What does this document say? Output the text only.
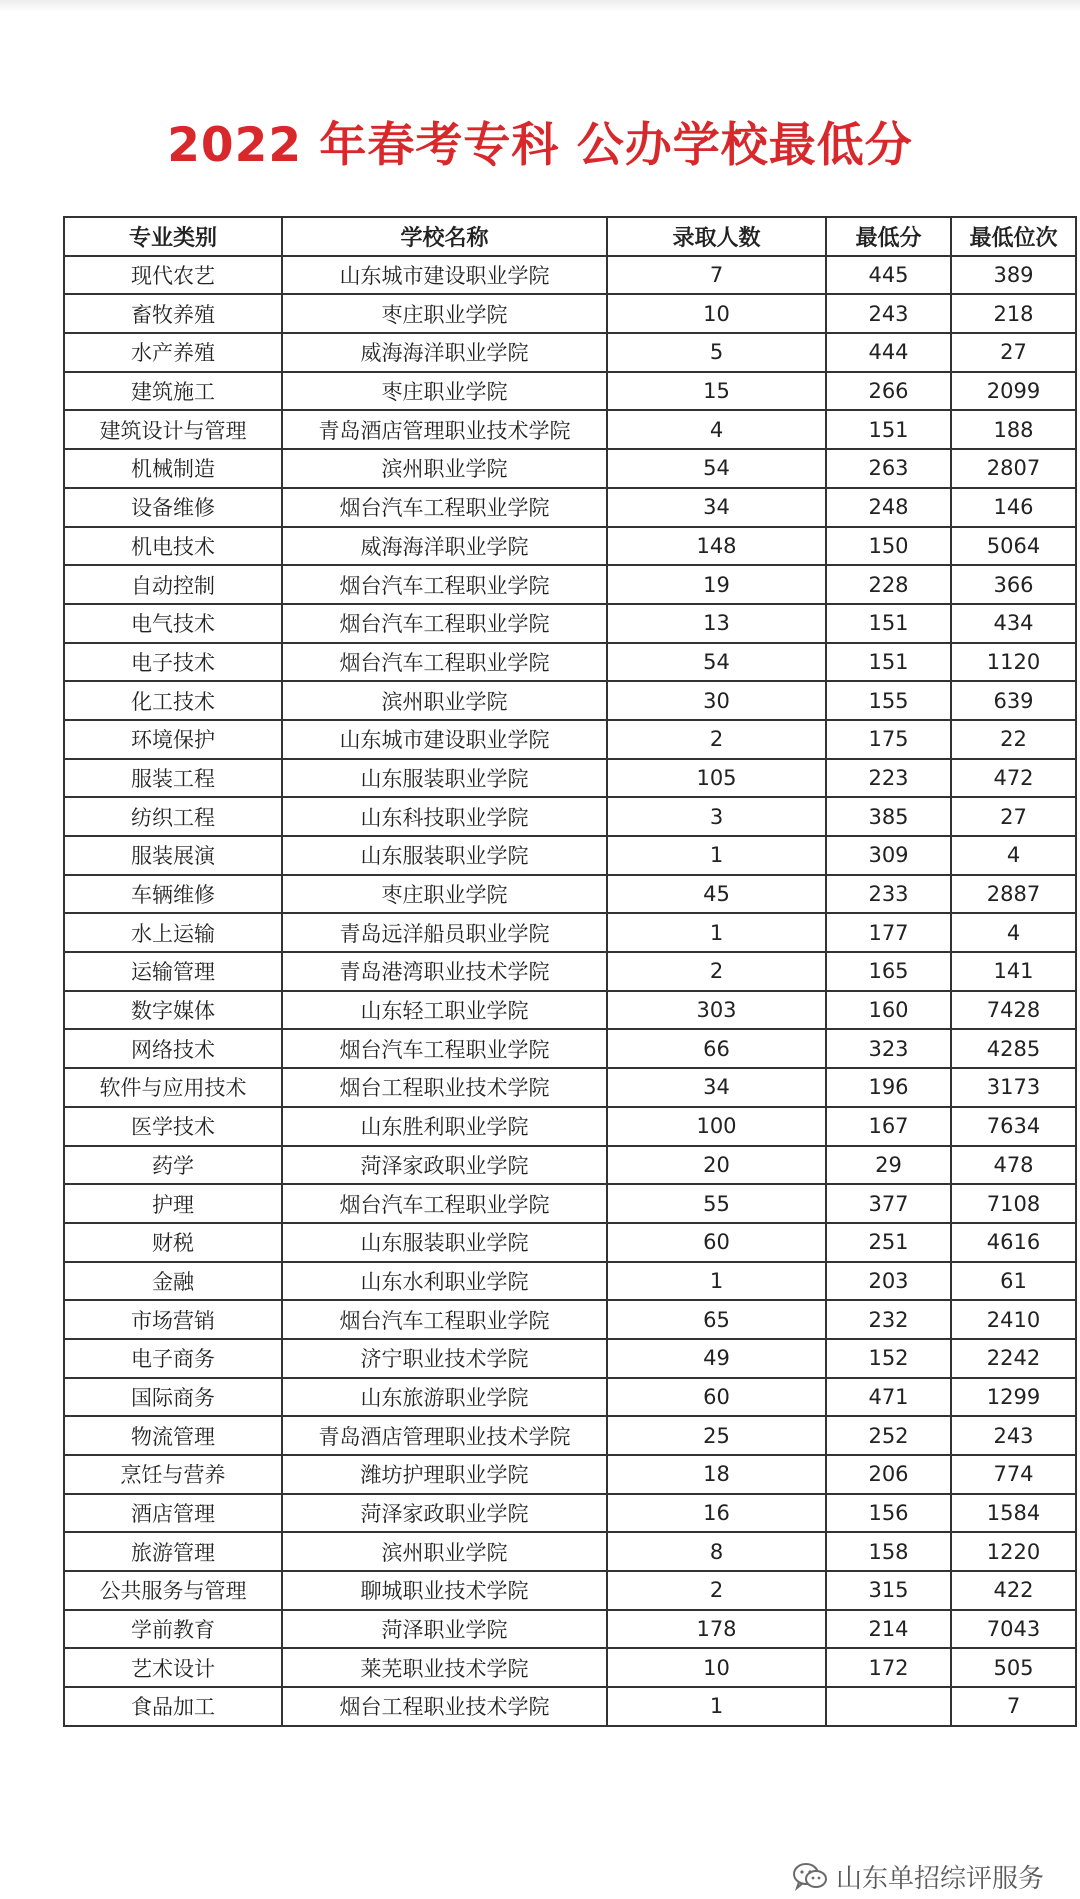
2022 年春考专科 公办学校最低分
专业类别	学校名称	录取人数	最低分	最低位次
现代农艺	山东城市建设职业学院	7	445	389
畜牧养殖	枣庄职业学院	10	243	218
水产养殖	威海海洋职业学院	5	444	27
建筑施工	枣庄职业学院	15	266	2099
建筑设计与管理	青岛酒店管理职业技术学院	4	151	188
机械制造	滨州职业学院	54	263	2807
设备维修	烟台汽车工程职业学院	34	248	146
机电技术	威海海洋职业学院	148	150	5064
自动控制	烟台汽车工程职业学院	19	228	366
电气技术	烟台汽车工程职业学院	13	151	434
电子技术	烟台汽车工程职业学院	54	151	1120
化工技术	滨州职业学院	30	155	639
环境保护	山东城市建设职业学院	2	175	22
服装工程	山东服装职业学院	105	223	472
纺织工程	山东科技职业学院	3	385	27
服装展演	山东服装职业学院	1	309	4
车辆维修	枣庄职业学院	45	233	2887
水上运输	青岛远洋船员职业学院	1	177	4
运输管理	青岛港湾职业技术学院	2	165	141
数字媒体	山东轻工职业学院	303	160	7428
网络技术	烟台汽车工程职业学院	66	323	4285
软件与应用技术	烟台工程职业技术学院	34	196	3173
医学技术	山东胜利职业学院	100	167	7634
药学	菏泽家政职业学院	20	29	478
护理	烟台汽车工程职业学院	55	377	7108
财税	山东服装职业学院	60	251	4616
金融	山东水利职业学院	1	203	61
市场营销	烟台汽车工程职业学院	65	232	2410
电子商务	济宁职业技术学院	49	152	2242
国际商务	山东旅游职业学院	60	471	1299
物流管理	青岛酒店管理职业技术学院	25	252	243
烹饪与营养	潍坊护理职业学院	18	206	774
酒店管理	菏泽家政职业学院	16	156	1584
旅游管理	滨州职业学院	8	158	1220
公共服务与管理	聊城职业技术学院	2	315	422
学前教育	菏泽职业学院	178	214	7043
艺术设计	莱芜职业技术学院	10	172	505
食品加工	烟台工程职业技术学院	1		7
山东单招综评服务
